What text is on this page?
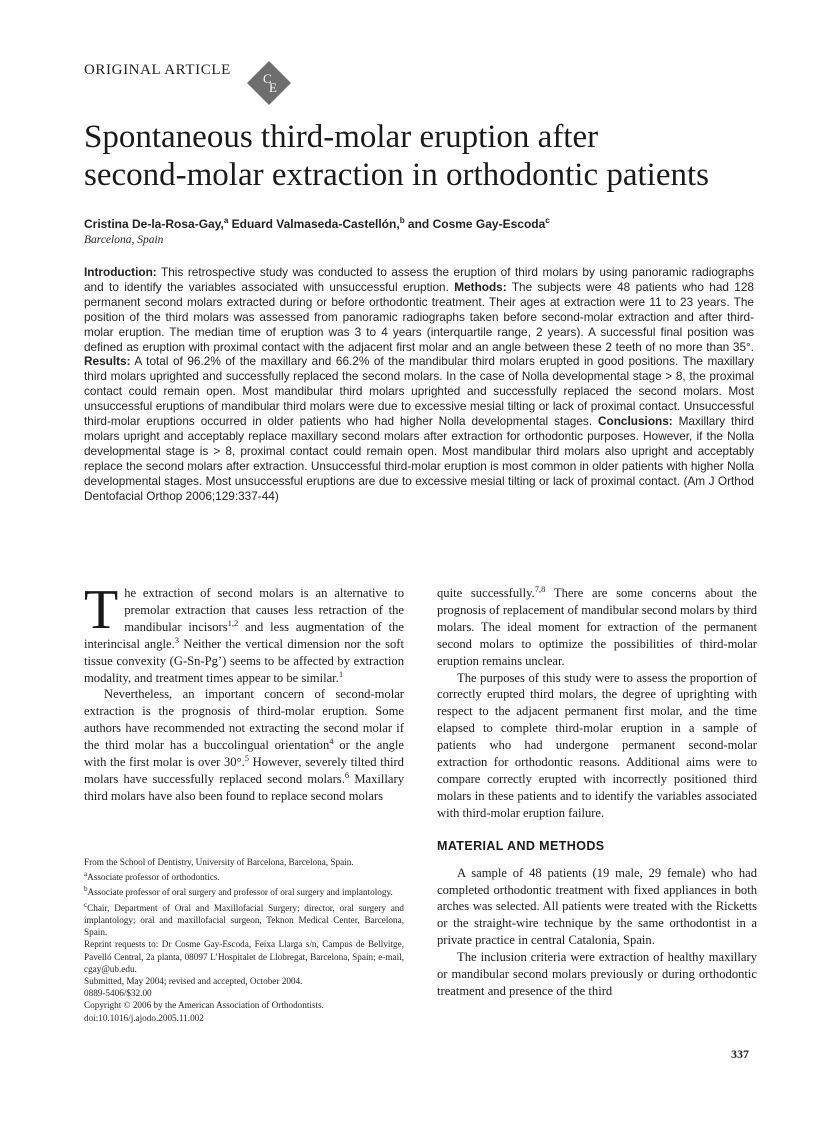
ORIGINAL ARTICLE
C
E
Spontaneous third-molar eruption after
second-molar extraction in orthodontic patients
Cristina De-la-Rosa-Gay,$^a$ Eduard Valmaseda-Castellón,$^b$ and Cosme Gay-Escoda$^c$
Barcelona, Spain

Introduction: This retrospective study was conducted to assess the eruption of third molars by using panoramic radiographs and to identify the variables associated with unsuccessful eruption. Methods: The subjects were 48 patients who had 128 permanent second molars extracted during or before orthodontic treatment. Their ages at extraction were 11 to 23 years. The position of the third molars was assessed from panoramic radiographs taken before second-molar extraction and after third-molar eruption. The median time of eruption was 3 to 4 years (interquartile range, 2 years). A successful final position was defined as eruption with proximal contact with the adjacent first molar and an angle between these 2 teeth of no more than 35°. Results: A total of 96.2% of the maxillary and 66.2% of the mandibular third molars erupted in good positions. The maxillary third molars uprighted and successfully replaced the second molars. In the case of Nolla developmental stage > 8, the proximal contact could remain open. Most mandibular third molars uprighted and successfully replaced the second molars. Most unsuccessful eruptions of mandibular third molars were due to excessive mesial tilting or lack of proximal contact. Unsuccessful third-molar eruptions occurred in older patients who had higher Nolla developmental stages. Conclusions: Maxillary third molars upright and acceptably replace maxillary second molars after extraction for orthodontic purposes. However, if the Nolla developmental stage is > 8, proximal contact could remain open. Most mandibular third molars also upright and acceptably replace the second molars after extraction. Unsuccessful third-molar eruption is most common in older patients with higher Nolla developmental stages. Most unsuccessful eruptions are due to excessive mesial tilting or lack of proximal contact. (Am J Orthod Dentofacial Orthop 2006;129:337-44)

The extraction of second molars is an alternative to premolar extraction that causes less retraction of the mandibular incisors$^{1,2}$ and less augmentation of the interincisal angle.$^3$ Neither the vertical dimension nor the soft tissue convexity (G-Sn-Pg’) seems to be affected by extraction modality, and treatment times appear to be similar.$^1$

Nevertheless, an important concern of second-molar extraction is the prognosis of third-molar eruption. Some authors have recommended not extracting the second molar if the third molar has a buccolingual orientation$^4$ or the angle with the first molar is over 30°.$^5$ However, severely tilted third molars have successfully replaced second molars.$^6$ Maxillary third molars have also been found to replace second molars

From the School of Dentistry, University of Barcelona, Barcelona, Spain.
$^a$Associate professor of orthodontics.
$^b$Associate professor of oral surgery and professor of oral surgery and implantology.
$^c$Chair, Department of Oral and Maxillofacial Surgery; director, oral surgery and implantology; oral and maxillofacial surgeon, Teknon Medical Center, Barcelona, Spain.
Reprint requests to: Dr Cosme Gay-Escoda, Feixa Llarga s/n, Campus de Bellvitge, Pavelló Central, 2a planta, 08097 L’Hospitalet de Llobregat, Barcelona, Spain; e-mail, cgay@ub.edu.
Submitted, May 2004; revised and accepted, October 2004.
0889-5406/$32.00
Copyright © 2006 by the American Association of Orthodontists.
doi:10.1016/j.ajodo.2005.11.002

quite successfully.$^{7,8}$ There are some concerns about the prognosis of replacement of mandibular second molars by third molars. The ideal moment for extraction of the permanent second molars to optimize the possibilities of third-molar eruption remains unclear.

The purposes of this study were to assess the proportion of correctly erupted third molars, the degree of uprighting with respect to the adjacent permanent first molar, and the time elapsed to complete third-molar eruption in a sample of patients who had undergone permanent second-molar extraction for orthodontic reasons. Additional aims were to compare correctly erupted with incorrectly positioned third molars in these patients and to identify the variables associated with third-molar eruption failure.

MATERIAL AND METHODS

A sample of 48 patients (19 male, 29 female) who had completed orthodontic treatment with fixed appliances in both arches was selected. All patients were treated with the Ricketts or the straight-wire technique by the same orthodontist in a private practice in central Catalonia, Spain.

The inclusion criteria were extraction of healthy maxillary or mandibular second molars previously or during orthodontic treatment and presence of the third

337
